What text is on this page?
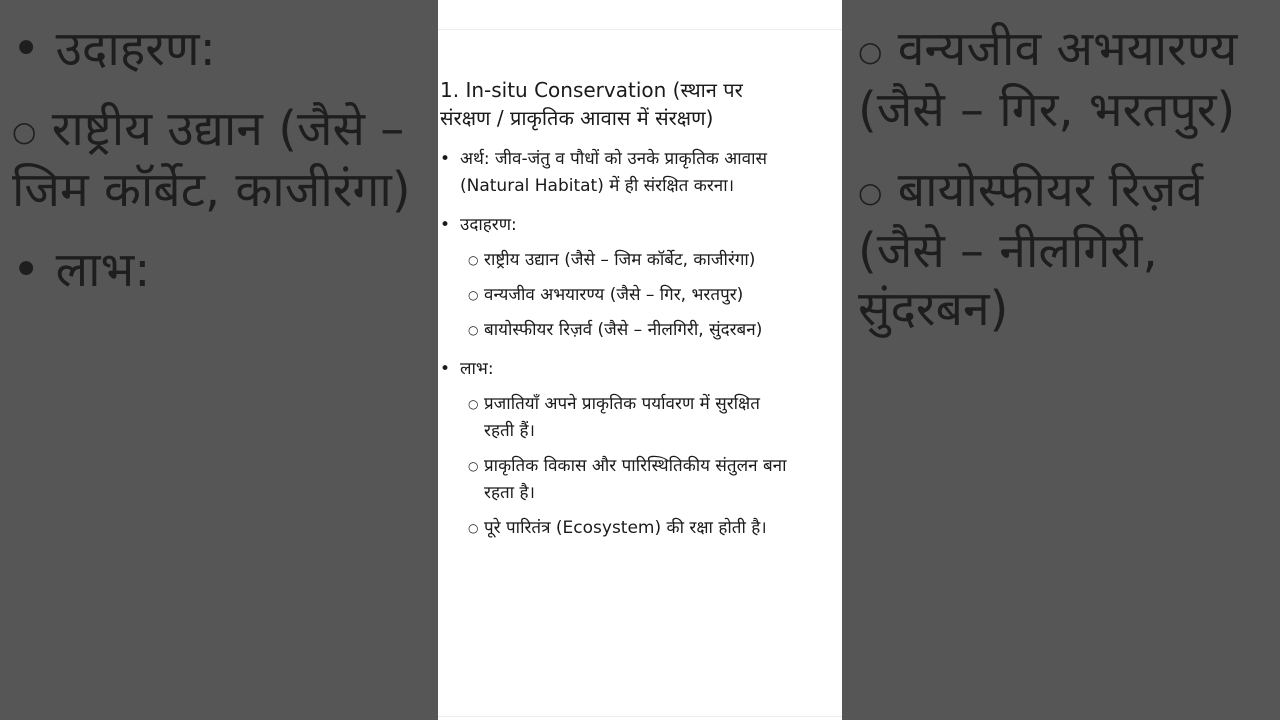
• उदाहरण:
○ राष्ट्रीय उद्यान (जैसे – जिम कॉर्बेट, काजीरंगा)
• लाभ:
○ वन्यजीव अभयारण्य (जैसे – गिर, भरतपुर)
○ बायोस्फीयर रिज़र्व (जैसे – नीलगिरी, सुंदरबन)
1. In-situ Conservation (स्थान पर
संरक्षण / प्राकृतिक आवास में संरक्षण)
• अर्थ: जीव-जंतु व पौधों को उनके प्राकृतिक आवास
(Natural Habitat) में ही संरक्षित करना।
• उदाहरण:
○ राष्ट्रीय उद्यान (जैसे – जिम कॉर्बेट, काजीरंगा)
○ वन्यजीव अभयारण्य (जैसे – गिर, भरतपुर)
○ बायोस्फीयर रिज़र्व (जैसे – नीलगिरी, सुंदरबन)
• लाभ:
○ प्रजातियाँ अपने प्राकृतिक पर्यावरण में सुरक्षित
रहती हैं।
○ प्राकृतिक विकास और पारिस्थितिकीय संतुलन बना
रहता है।
○ पूरे पारितंत्र (Ecosystem) की रक्षा होती है।
